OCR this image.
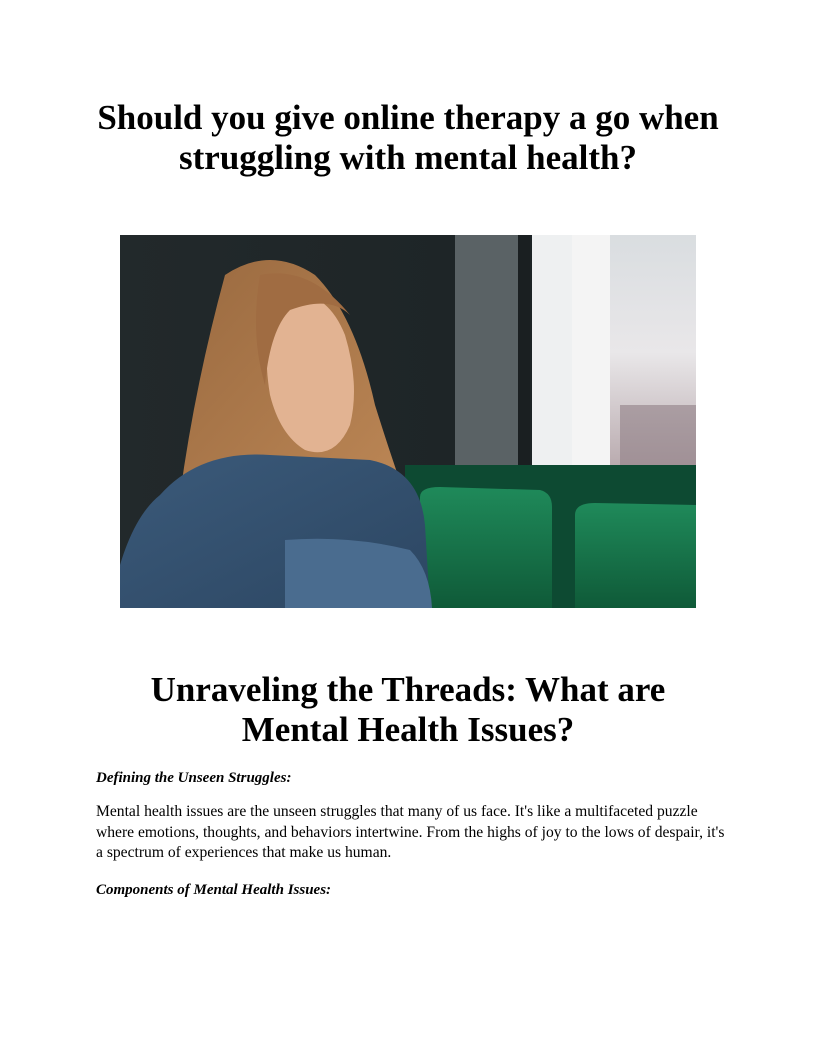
Should you give online therapy a go when struggling with mental health?
Unraveling the Threads: What are Mental Health Issues?

Defining the Unseen Struggles:

Mental health issues are the unseen struggles that many of us face. It's like a multifaceted puzzle where emotions, thoughts, and behaviors intertwine. From the highs of joy to the lows of despair, it's a spectrum of experiences that make us human.

Components of Mental Health Issues:
